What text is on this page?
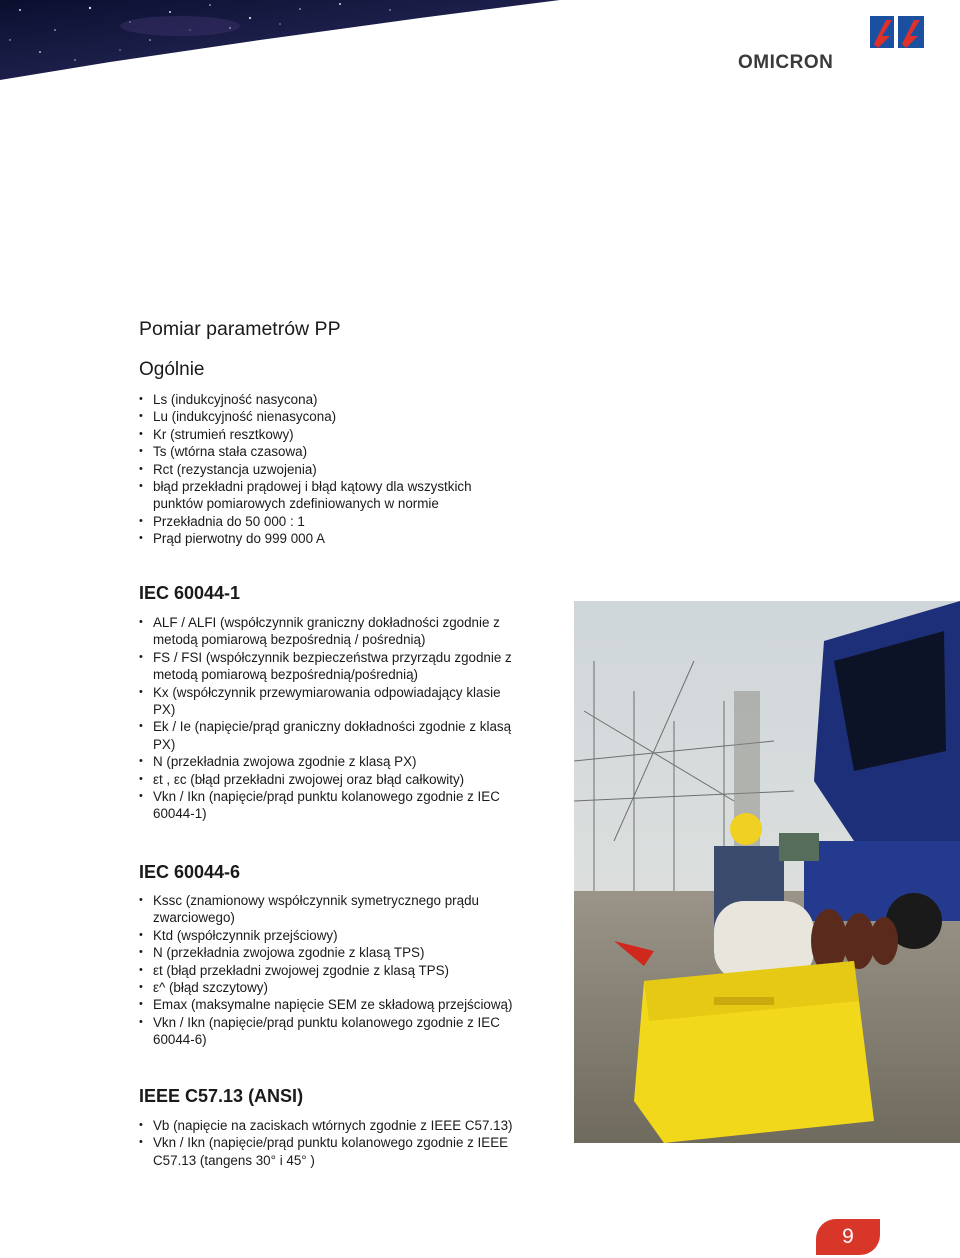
OMICRON
Pomiar parametrów PP
Ogólnie
• Ls (indukcyjność nasycona)
• Lu (indukcyjność nienasycona)
• Kr (strumień resztkowy)
• Ts (wtórna stała czasowa)
• Rct (rezystancja uzwojenia)
• błąd przekładni prądowej i błąd kątowy dla wszystkich punktów pomiarowych zdefiniowanych w normie
• Przekładnia do 50 000 : 1
• Prąd pierwotny do 999 000 A
IEC 60044-1
• ALF / ALFI (współczynnik graniczny dokładności zgodnie z metodą pomiarową bezpośrednią / pośrednią)
• FS / FSI (współczynnik bezpieczeństwa przyrządu zgodnie z metodą pomiarową bezpośrednią/pośrednią)
• Kx (współczynnik przewymiarowania odpowiadający klasie PX)
• Ek / Ie (napięcie/prąd graniczny dokładności zgodnie z klasą PX)
• N (przekładnia zwojowa zgodnie z klasą PX)
• εt , εc (błąd przekładni zwojowej oraz błąd całkowity)
• Vkn / Ikn (napięcie/prąd punktu kolanowego zgodnie z IEC 60044-1)
IEC 60044-6
• Kssc (znamionowy współczynnik symetrycznego prądu zwarciowego)
• Ktd (współczynnik przejściowy)
• N (przekładnia zwojowa zgodnie z klasą TPS)
• εt (błąd przekładni zwojowej zgodnie z klasą TPS)
• ε^ (błąd szczytowy)
• Emax (maksymalne napięcie SEM ze składową przejściową)
• Vkn / Ikn (napięcie/prąd punktu kolanowego zgodnie z IEC 60044-6)
IEEE C57.13 (ANSI)
• Vb (napięcie na zaciskach wtórnych zgodnie z IEEE C57.13)
• Vkn / Ikn (napięcie/prąd punktu kolanowego zgodnie z IEEE C57.13 (tangens 30° i 45° )
9
